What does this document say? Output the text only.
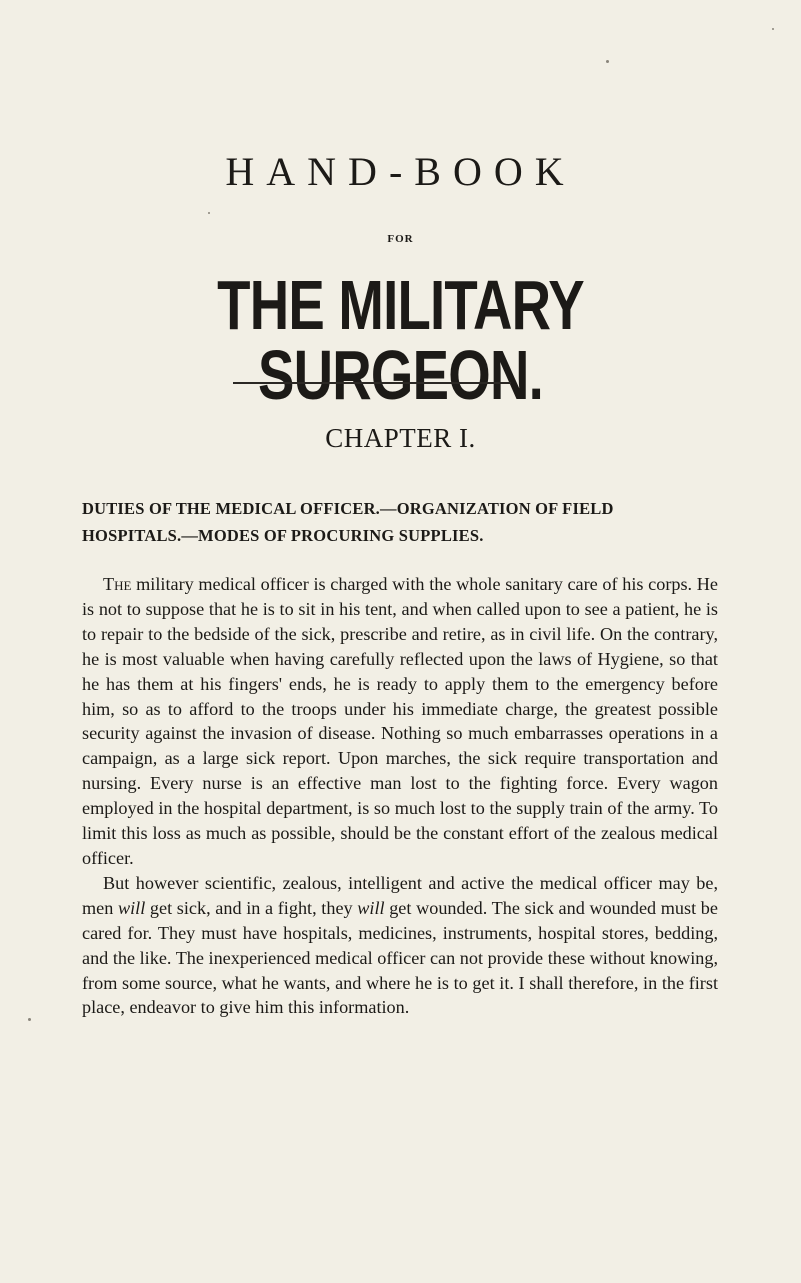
HAND-BOOK
FOR
THE MILITARY SURGEON.
CHAPTER I.
DUTIES OF THE MEDICAL OFFICER.—ORGANIZATION OF FIELD

HOSPITALS.—MODES OF PROCURING SUPPLIES.

The military medical officer is charged with the whole sanitary care of his corps. He is not to suppose that he is to sit in his tent, and when called upon to see a patient, he is to repair to the bedside of the sick, prescribe and retire, as in civil life. On the contrary, he is most valuable when having carefully reflected upon the laws of Hygiene, so that he has them at his fingers' ends, he is ready to apply them to the emergency before him, so as to afford to the troops under his immediate charge, the greatest possible security against the invasion of disease. Nothing so much embarrasses operations in a campaign, as a large sick report. Upon marches, the sick require transportation and nursing. Every nurse is an effective man lost to the fighting force. Every wagon employed in the hospital department, is so much lost to the supply train of the army. To limit this loss as much as possible, should be the constant effort of the zealous medical officer.

But however scientific, zealous, intelligent and active the medical officer may be, men will get sick, and in a fight, they will get wounded. The sick and wounded must be cared for. They must have hospitals, medicines, instruments, hospital stores, bedding, and the like. The inexperienced medical officer can not provide these without knowing, from some source, what he wants, and where he is to get it. I shall therefore, in the first place, endeavor to give him this information.
